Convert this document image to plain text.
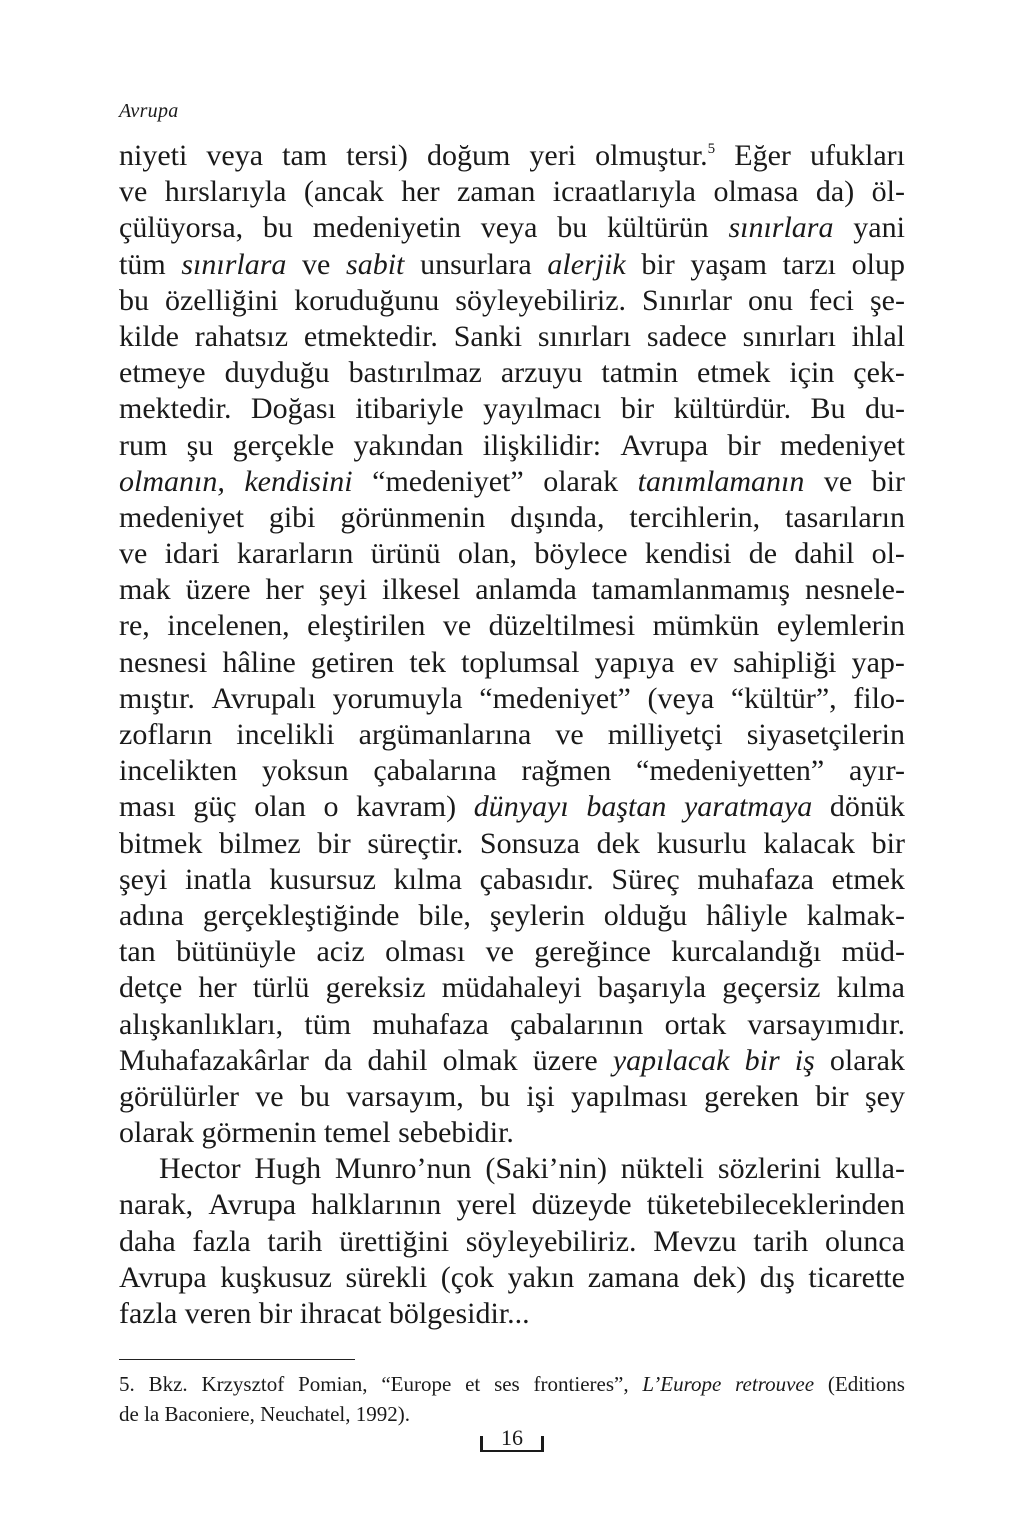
Avrupa
niyeti veya tam tersi) doğum yeri olmuştur.$^5$ Eğer ufukları
ve hırslarıyla (ancak her zaman icraatlarıyla olmasa da) öl-
çülüyorsa, bu medeniyetin veya bu kültürün sınırlara yani
tüm sınırlara ve sabit unsurlara alerjik bir yaşam tarzı olup
bu özelliğini koruduğunu söyleyebiliriz. Sınırlar onu feci şe-
kilde rahatsız etmektedir. Sanki sınırları sadece sınırları ihlal
etmeye duyduğu bastırılmaz arzuyu tatmin etmek için çek-
mektedir. Doğası itibariyle yayılmacı bir kültürdür. Bu du-
rum şu gerçekle yakından ilişkilidir: Avrupa bir medeniyet
olmanın, kendisini “medeniyet” olarak tanımlamanın ve bir
medeniyet gibi görünmenin dışında, tercihlerin, tasarıların
ve idari kararların ürünü olan, böylece kendisi de dahil ol-
mak üzere her şeyi ilkesel anlamda tamamlanmamış nesnele-
re, incelenen, eleştirilen ve düzeltilmesi mümkün eylemlerin
nesnesi hâline getiren tek toplumsal yapıya ev sahipliği yap-
mıştır. Avrupalı yorumuyla “medeniyet” (veya “kültür”, filo-
zofların incelikli argümanlarına ve milliyetçi siyasetçilerin
incelikten yoksun çabalarına rağmen “medeniyetten” ayır-
ması güç olan o kavram) dünyayı baştan yaratmaya dönük
bitmek bilmez bir süreçtir. Sonsuza dek kusurlu kalacak bir
şeyi inatla kusursuz kılma çabasıdır. Süreç muhafaza etmek
adına gerçekleştiğinde bile, şeylerin olduğu hâliyle kalmak-
tan bütünüyle aciz olması ve gereğince kurcalandığı müd-
detçe her türlü gereksiz müdahaleyi başarıyla geçersiz kılma
alışkanlıkları, tüm muhafaza çabalarının ortak varsayımıdır.
Muhafazakârlar da dahil olmak üzere yapılacak bir iş olarak
görülürler ve bu varsayım, bu işi yapılması gereken bir şey
olarak
görmenin
temel
sebebidir.
Hector Hugh Munro’nun (Saki’nin) nükteli sözlerini kulla-
narak, Avrupa halklarının yerel düzeyde tüketebileceklerinden
daha fazla tarih ürettiğini söyleyebiliriz. Mevzu tarih olunca
Avrupa kuşkusuz sürekli (çok yakın zamana dek) dış ticarette
fazla
veren
bir
ihracat
bölgesidir...
5. Bkz. Krzysztof Pomian, “Europe et ses frontieres”, L’Europe retrouvee (Editions
de
la
Baconiere,
Neuchatel,
1992).
16
